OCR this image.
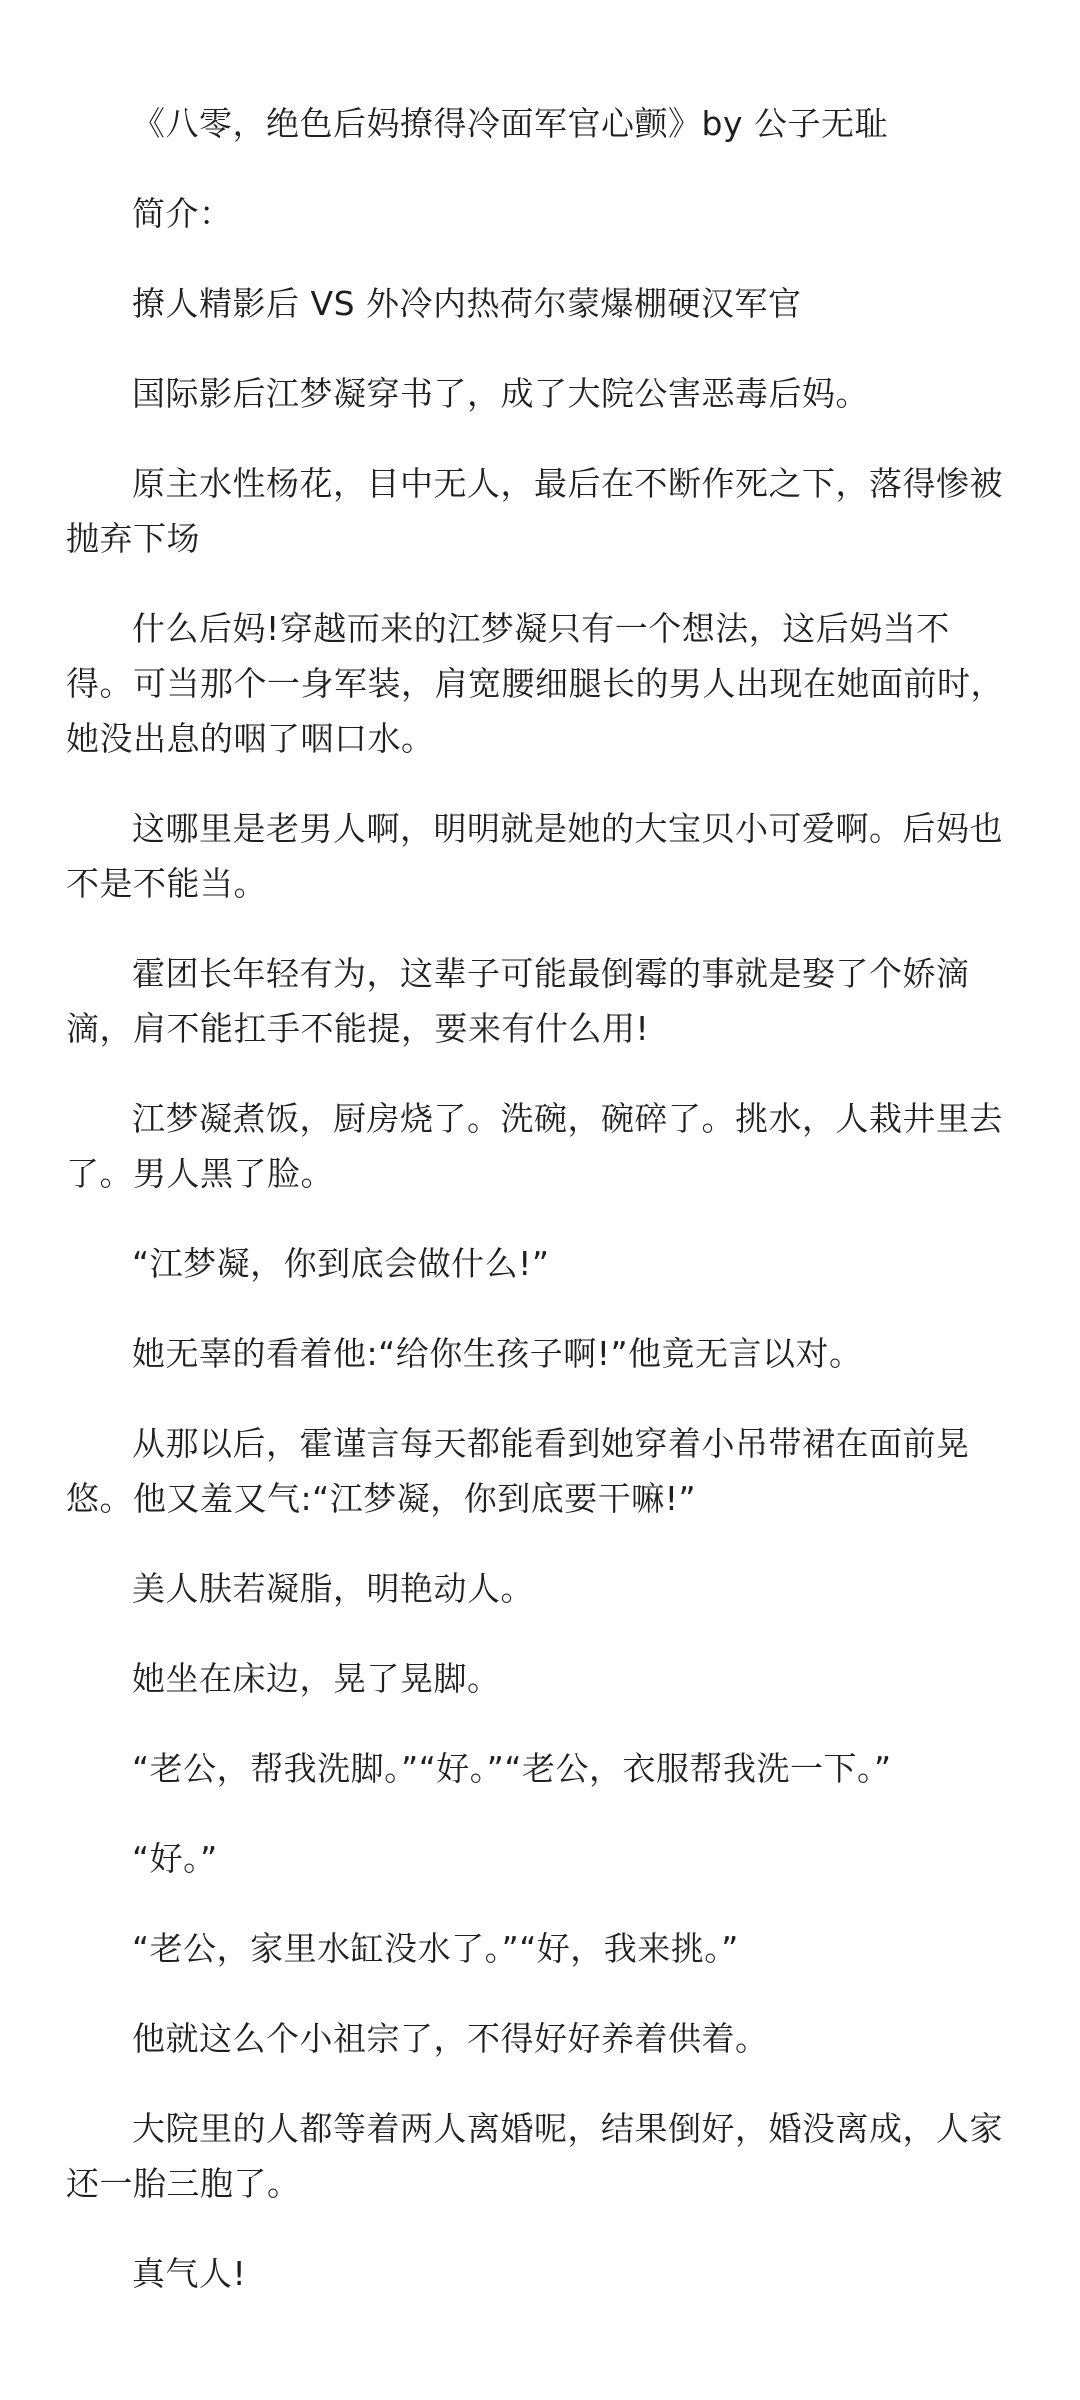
《八零，绝色后妈撩得冷面军官心颤》by 公子无耻

简介：

撩人精影后 VS 外冷内热荷尔蒙爆棚硬汉军官

国际影后江梦凝穿书了，成了大院公害恶毒后妈。

原主水性杨花，目中无人，最后在不断作死之下，落得惨被抛弃下场

什么后妈!穿越而来的江梦凝只有一个想法，这后妈当不得。可当那个一身军装，肩宽腰细腿长的男人出现在她面前时，她没出息的咽了咽口水。

这哪里是老男人啊，明明就是她的大宝贝小可爱啊。后妈也不是不能当。

霍团长年轻有为，这辈子可能最倒霉的事就是娶了个娇滴滴，肩不能扛手不能提，要来有什么用!

江梦凝煮饭，厨房烧了。洗碗，碗碎了。挑水，人栽井里去了。男人黑了脸。

“江梦凝，你到底会做什么!”

她无辜的看着他:“给你生孩子啊!”他竟无言以对。

从那以后，霍谨言每天都能看到她穿着小吊带裙在面前晃悠。他又羞又气:“江梦凝，你到底要干嘛!”

美人肤若凝脂，明艳动人。

她坐在床边，晃了晃脚。

“老公，帮我洗脚。”“好。”“老公，衣服帮我洗一下。”

“好。”

“老公，家里水缸没水了。”“好，我来挑。”

他就这么个小祖宗了，不得好好养着供着。

大院里的人都等着两人离婚呢，结果倒好，婚没离成，人家还一胎三胞了。

真气人!
